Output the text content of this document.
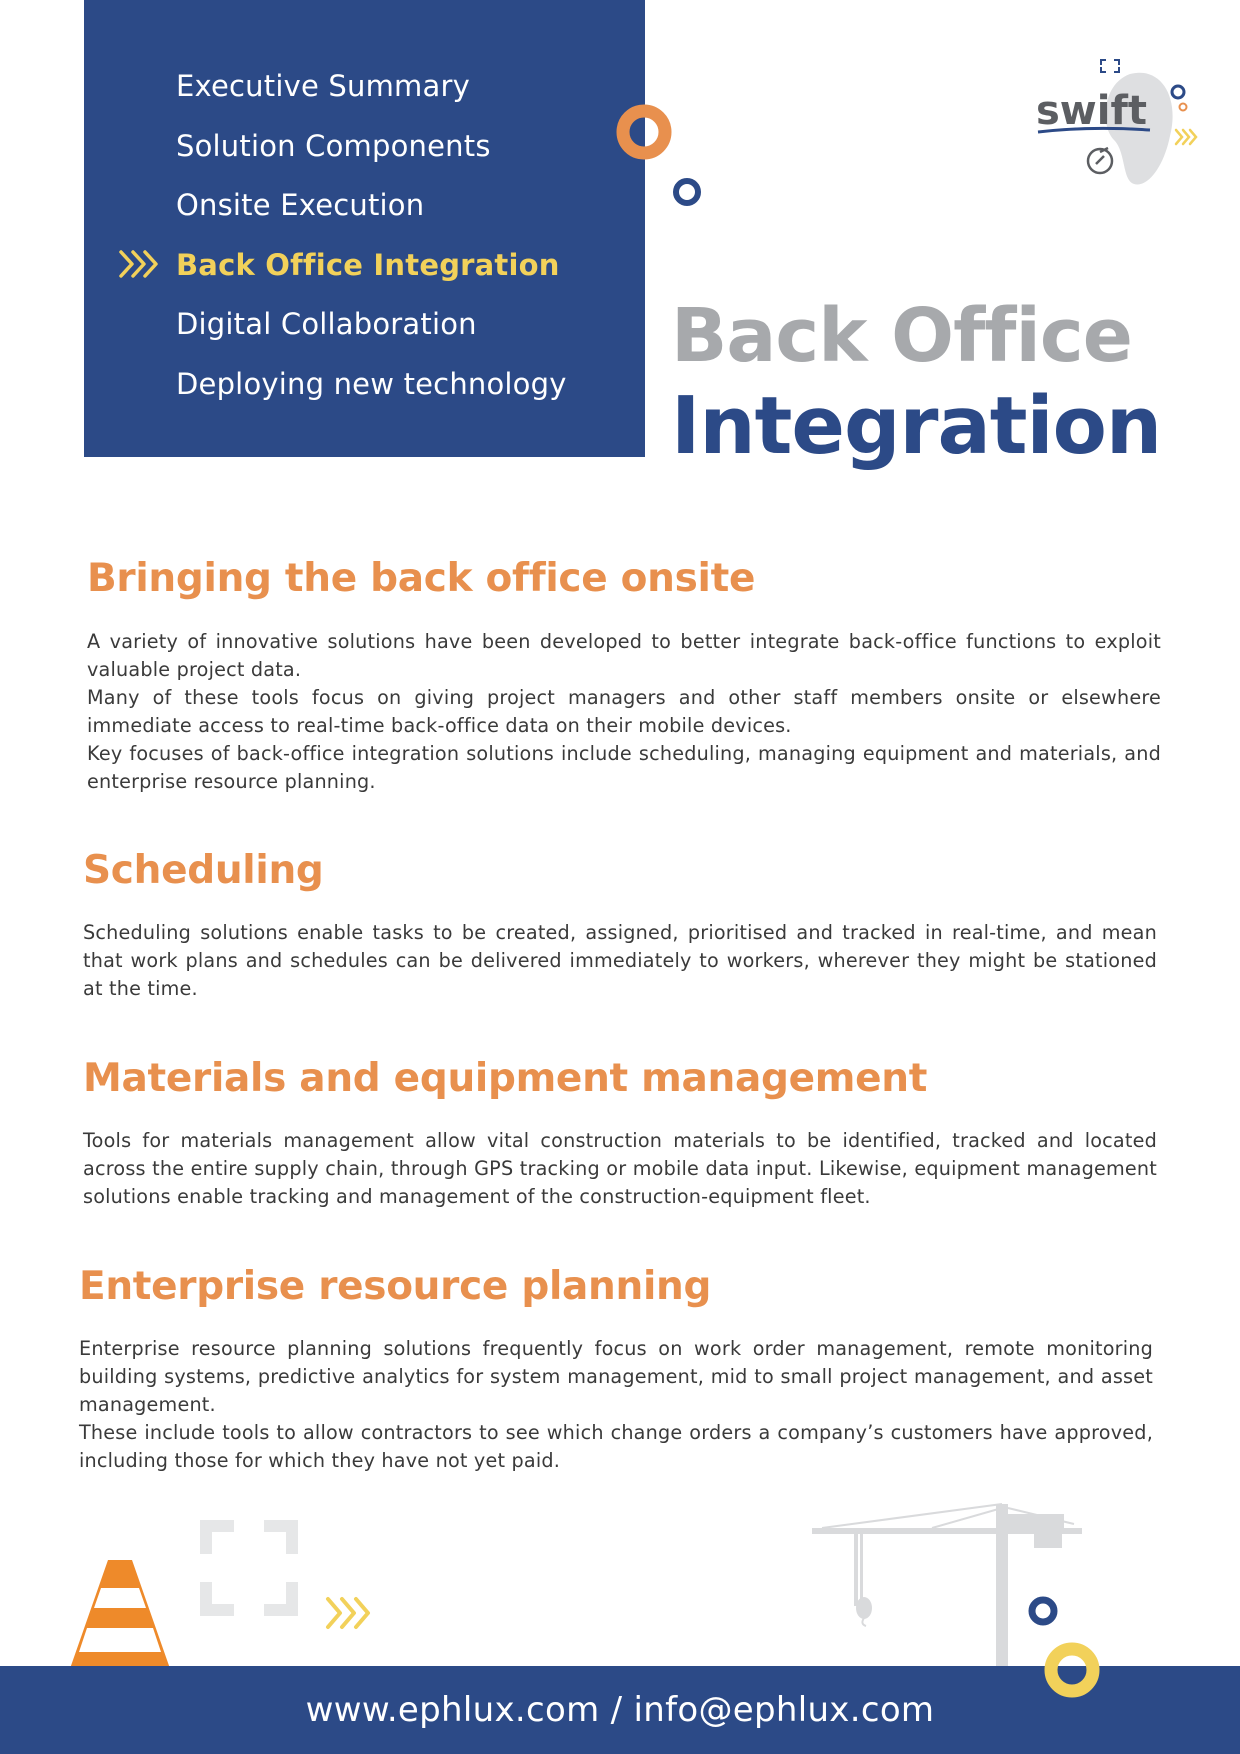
Executive Summary
Solution Components
Onsite Execution
Back Office Integration
Digital Collaboration
Deploying new technology
swift
Back Office
Integration
Bringing the back office onsite

A variety of innovative solutions have been developed to better integrate back-office functions to exploit valuable project data.

Many of these tools focus on giving project managers and other staff members onsite or elsewhere immediate access to real-time back-office data on their mobile devices.

Key focuses of back-office integration solutions include scheduling, managing equipment and materials, and enterprise resource planning.

Scheduling

Scheduling solutions enable tasks to be created, assigned, prioritised and tracked in real-time, and mean that work plans and schedules can be delivered immediately to workers, wherever they might be stationed at the time.

Materials and equipment management

Tools for materials management allow vital construction materials to be identified, tracked and located across the entire supply chain, through GPS tracking or mobile data input. Likewise, equipment management solutions enable tracking and management of the construction-equipment fleet.

Enterprise resource planning

Enterprise resource planning solutions frequently focus on work order management, remote monitoring building systems, predictive analytics for system management, mid to small project management, and asset management.

These include tools to allow contractors to see which change orders a company’s customers have approved, including those for which they have not yet paid.

www.ephlux.com / info@ephlux.com
